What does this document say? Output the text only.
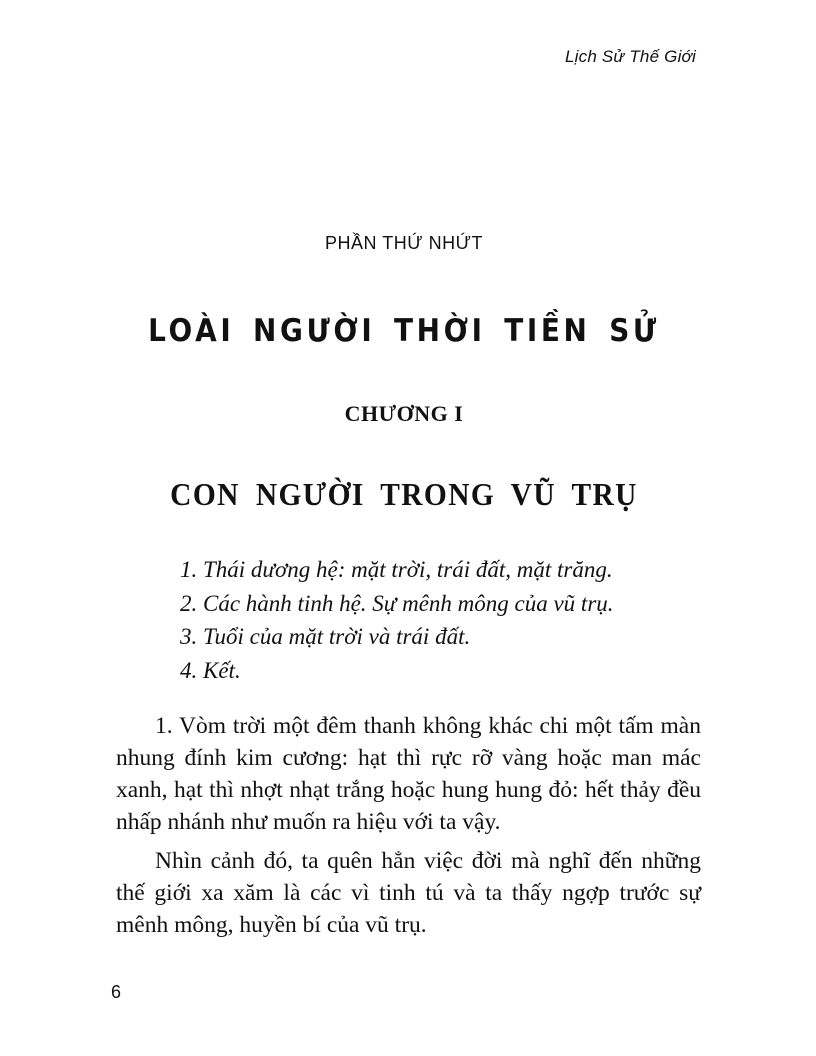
Lịch Sử Thế Giới
PHẦN THỨ NHỨT
LOÀI NGƯỜI THỜI TIỀN SỬ
CHƯƠNG I
CON NGƯỜI TRONG VŨ TRỤ
1. Thái dương hệ: mặt trời, trái đất, mặt trăng.
2. Các hành tinh hệ. Sự mênh mông của vũ trụ.
3. Tuổi của mặt trời và trái đất.
4. Kết.

1. Vòm trời một đêm thanh không khác chi một tấm màn nhung đính kim cương: hạt thì rực rỡ vàng hoặc man mác xanh, hạt thì nhợt nhạt trắng hoặc hung hung đỏ: hết thảy đều nhấp nhánh như muốn ra hiệu với ta vậy.

Nhìn cảnh đó, ta quên hẳn việc đời mà nghĩ đến những thế giới xa xăm là các vì tinh tú và ta thấy ngợp trước sự mênh mông, huyền bí của vũ trụ.

6
